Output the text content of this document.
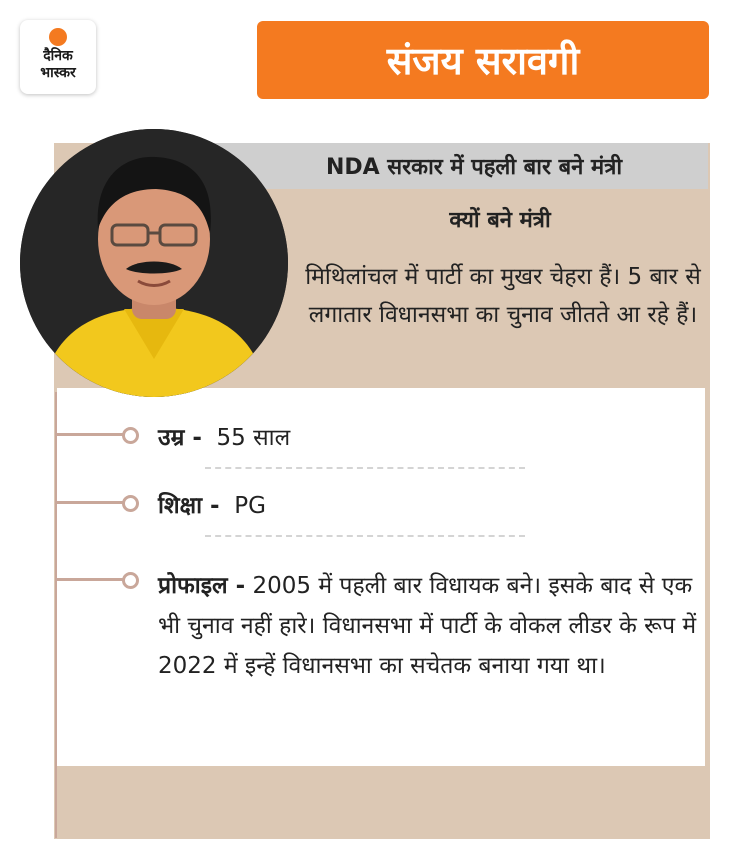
दैनिक
भास्कर	संजय सरावगी
NDA सरकार में पहली बार बने मंत्री
क्यों बने मंत्री
मिथिलांचल में पार्टी का मुखर चेहरा हैं। 5 बार से लगातार विधानसभा का चुनाव जीतते आ रहे हैं।
उम्र - 55 साल
शिक्षा - PG
प्रोफाइल - 2005 में पहली बार विधायक बने। इसके बाद से एक भी चुनाव नहीं हारे। विधानसभा में पार्टी के वोकल लीडर के रूप में 2022 में इन्हें विधानसभा का सचेतक बनाया गया था।
